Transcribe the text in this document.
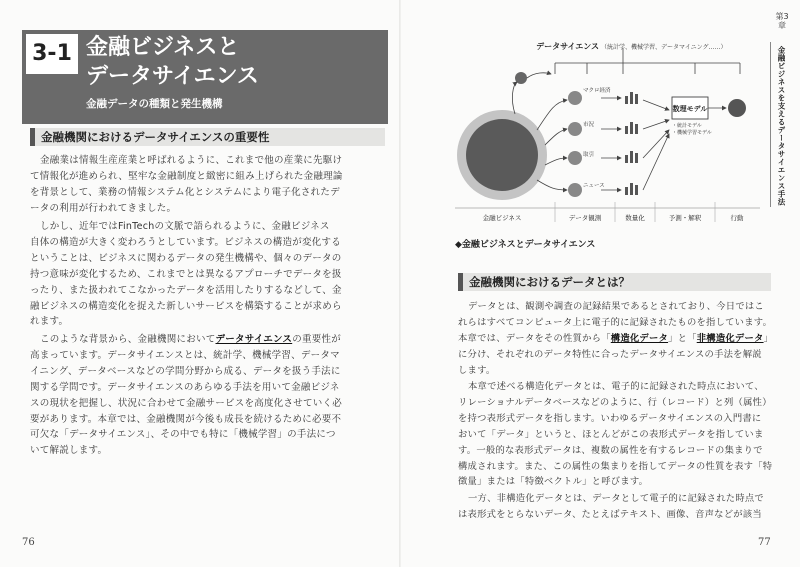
3-1 金融ビジネスと
データサイエンス
金融データの種類と発生機構
金融機関におけるデータサイエンスの重要性
金融業は情報生産産業と呼ばれるように、これまで他の産業に先駆け
て情報化が進められ、堅牢な金融制度と緻密に組み上げられた金融理論
を背景として、業務の情報システム化とシステムにより電子化されたデ
ータの利用が行われてきました。
しかし、近年ではFinTechの文脈で語られるように、金融ビジネス
自体の構造が大きく変わろうとしています。ビジネスの構造が変化する
ということは、ビジネスに関わるデータの発生機構や、個々のデータの
持つ意味が変化するため、これまでとは異なるアプローチでデータを扱
ったり、また扱われてこなかったデータを活用したりするなどして、金
融ビジネスの構造変化を捉えた新しいサービスを構築することが求めら
れます。
このような背景から、金融機関においてデータサイエンスの重要性が
高まっています。データサイエンスとは、統計学、機械学習、データマ
イニング、データベースなどの学問分野から成る、データを扱う手法に
関する学問です。データサイエンスのあらゆる手法を用いて金融ビジネ
スの現状を把握し、状況に合わせて金融サービスを高度化させていく必
要があります。本章では、金融機関が今後も成長を続けるために必要不
可欠な「データサイエンス」、その中でも特に「機械学習」の手法につ
いて解説します。
76
第3章
金融ビジネスを支えるデータサイエンス手法
データサイエンス （統計学、機械学習、データマイニング……）
マクロ経済
市況
取引
ニュース
数理モデル
・統計モデル
・機械学習モデル
金融ビジネス	データ観測	数量化	予測・解釈	行動
◆金融ビジネスとデータサイエンス
金融機関におけるデータとは？
データとは、観測や調査の記録結果であるとされており、今日ではこ
れらはすべてコンピュータ上に電子的に記録されたものを指しています。
本章では、データをその性質から「構造化データ」と「非構造化データ」
に分け、それぞれのデータ特性に合ったデータサイエンスの手法を解説
します。
本章で述べる構造化データとは、電子的に記録された時点において、
リレーショナルデータベースなどのように、行（レコード）と列（属性）
を持つ表形式データを指します。いわゆるデータサイエンスの入門書に
おいて「データ」というと、ほとんどがこの表形式データを指していま
す。一般的な表形式データは、複数の属性を有するレコードの集まりで
構成されます。また、この属性の集まりを指してデータの性質を表す「特
徴量」または「特徴ベクトル」と呼びます。
一方、非構造化データとは、データとして電子的に記録された時点で
は表形式をとらないデータ、たとえばテキスト、画像、音声などが該当
77
